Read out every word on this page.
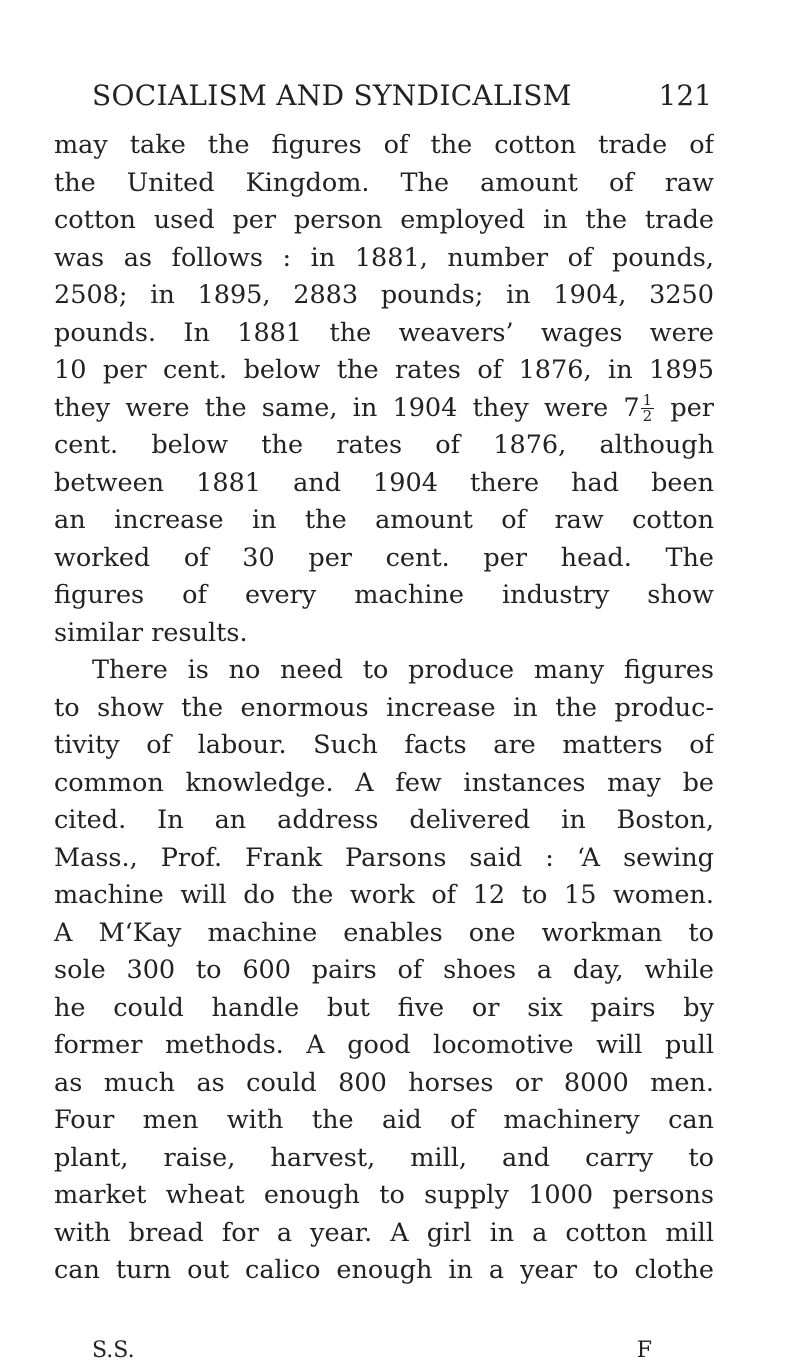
SOCIALISM AND SYNDICALISM	121
may take the figures of the cotton trade of
the United Kingdom. The amount of raw
cotton used per person employed in the trade
was as follows : in 1881, number of pounds,
2508; in 1895, 2883 pounds; in 1904, 3250
pounds. In 1881 the weavers’ wages were
10 per cent. below the rates of 1876, in 1895
they were the same, in 1904 they were $7 \frac{1}{2}$ per
cent. below the rates of 1876, although
between 1881 and 1904 there had been
an increase in the amount of raw cotton
worked of 30 per cent. per head. The
figures of every machine industry show
similar results.
There is no need to produce many figures
to show the enormous increase in the produc-
tivity of labour. Such facts are matters of
common knowledge. A few instances may be
cited. In an address delivered in Boston,
Mass., Prof. Frank Parsons said : ‘A sewing
machine will do the work of 12 to 15 women.
A M‘Kay machine enables one workman to
sole 300 to 600 pairs of shoes a day, while
he could handle but five or six pairs by
former methods. A good locomotive will pull
as much as could 800 horses or 8000 men.
Four men with the aid of machinery can
plant, raise, harvest, mill, and carry to
market wheat enough to supply 1000 persons
with bread for a year. A girl in a cotton mill
can turn out calico enough in a year to clothe
S.S.	F
